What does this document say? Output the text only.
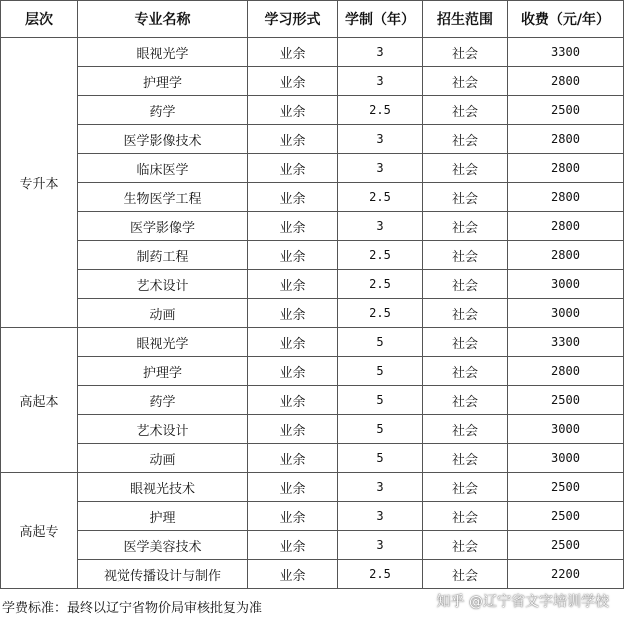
层次	专业名称	学习形式	学制（年）	招生范围	收费（元/年）
专升本	眼视光学	业余	3	社会	3300
	护理学	业余	3	社会	2800
	药学	业余	2.5	社会	2500
	医学影像技术	业余	3	社会	2800
	临床医学	业余	3	社会	2800
	生物医学工程	业余	2.5	社会	2800
	医学影像学	业余	3	社会	2800
	制药工程	业余	2.5	社会	2800
	艺术设计	业余	2.5	社会	3000
	动画	业余	2.5	社会	3000
高起本	眼视光学	业余	5	社会	3300
	护理学	业余	5	社会	2800
	药学	业余	5	社会	2500
	艺术设计	业余	5	社会	3000
	动画	业余	5	社会	3000
高起专	眼视光技术	业余	3	社会	2500
	护理	业余	3	社会	2500
	医学美容技术	业余	3	社会	2500
	视觉传播设计与制作	业余	2.5	社会	2200
学费标准：最终以辽宁省物价局审核批复为准	知乎 @辽宁省文字培训学校
